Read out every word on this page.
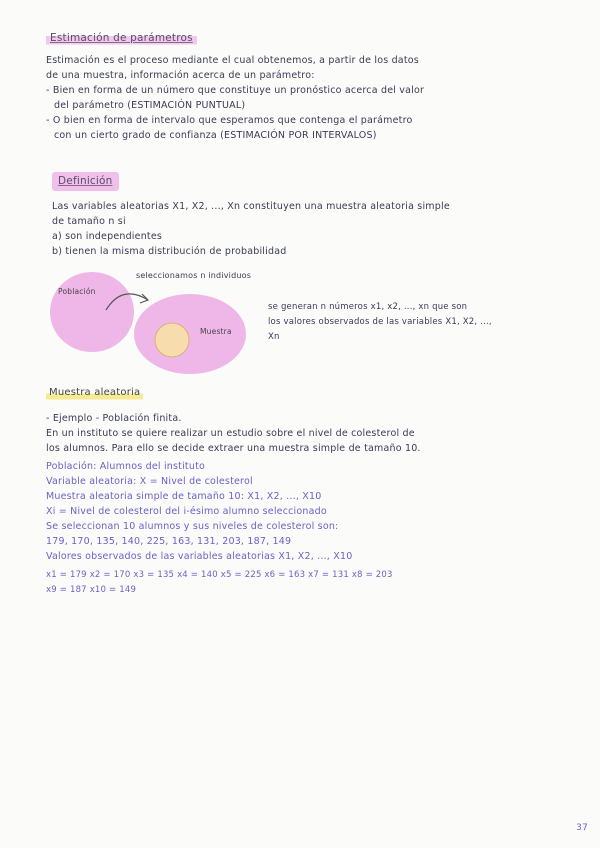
Estimación de parámetros
Estimación es el proceso mediante el cual obtenemos, a partir de los datos
de una muestra, información acerca de un parámetro:
- Bien en forma de un número que constituye un pronóstico acerca del valor
del parámetro (ESTIMACIÓN PUNTUAL)
- O bien en forma de intervalo que esperamos que contenga el parámetro
con un cierto grado de confianza (ESTIMACIÓN POR INTERVALOS)
Definición
Las variables aleatorias X1, X2, ..., Xn constituyen una muestra aleatoria simple
de tamaño n si
a) son independientes
b) tienen la misma distribución de probabilidad
Población
Muestra
seleccionamos n individuos
se generan n números x1, x2, ..., xn que son
los valores observados de las variables X1, X2, ...,
Xn
Muestra aleatoria
- Ejemplo - Población finita.
En un instituto se quiere realizar un estudio sobre el nivel de colesterol de
los alumnos. Para ello se decide extraer una muestra simple de tamaño 10.
Población: Alumnos del instituto
Variable aleatoria: X = Nivel de colesterol
Muestra aleatoria simple de tamaño 10: X1, X2, ..., X10
Xi = Nivel de colesterol del i-ésimo alumno seleccionado
Se seleccionan 10 alumnos y sus niveles de colesterol son:
179, 170, 135, 140, 225, 163, 131, 203, 187, 149
Valores observados de las variables aleatorias X1, X2, ..., X10
x1 = 179 x2 = 170 x3 = 135 x4 = 140 x5 = 225 x6 = 163 x7 = 131 x8 = 203
x9 = 187 x10 = 149
37
